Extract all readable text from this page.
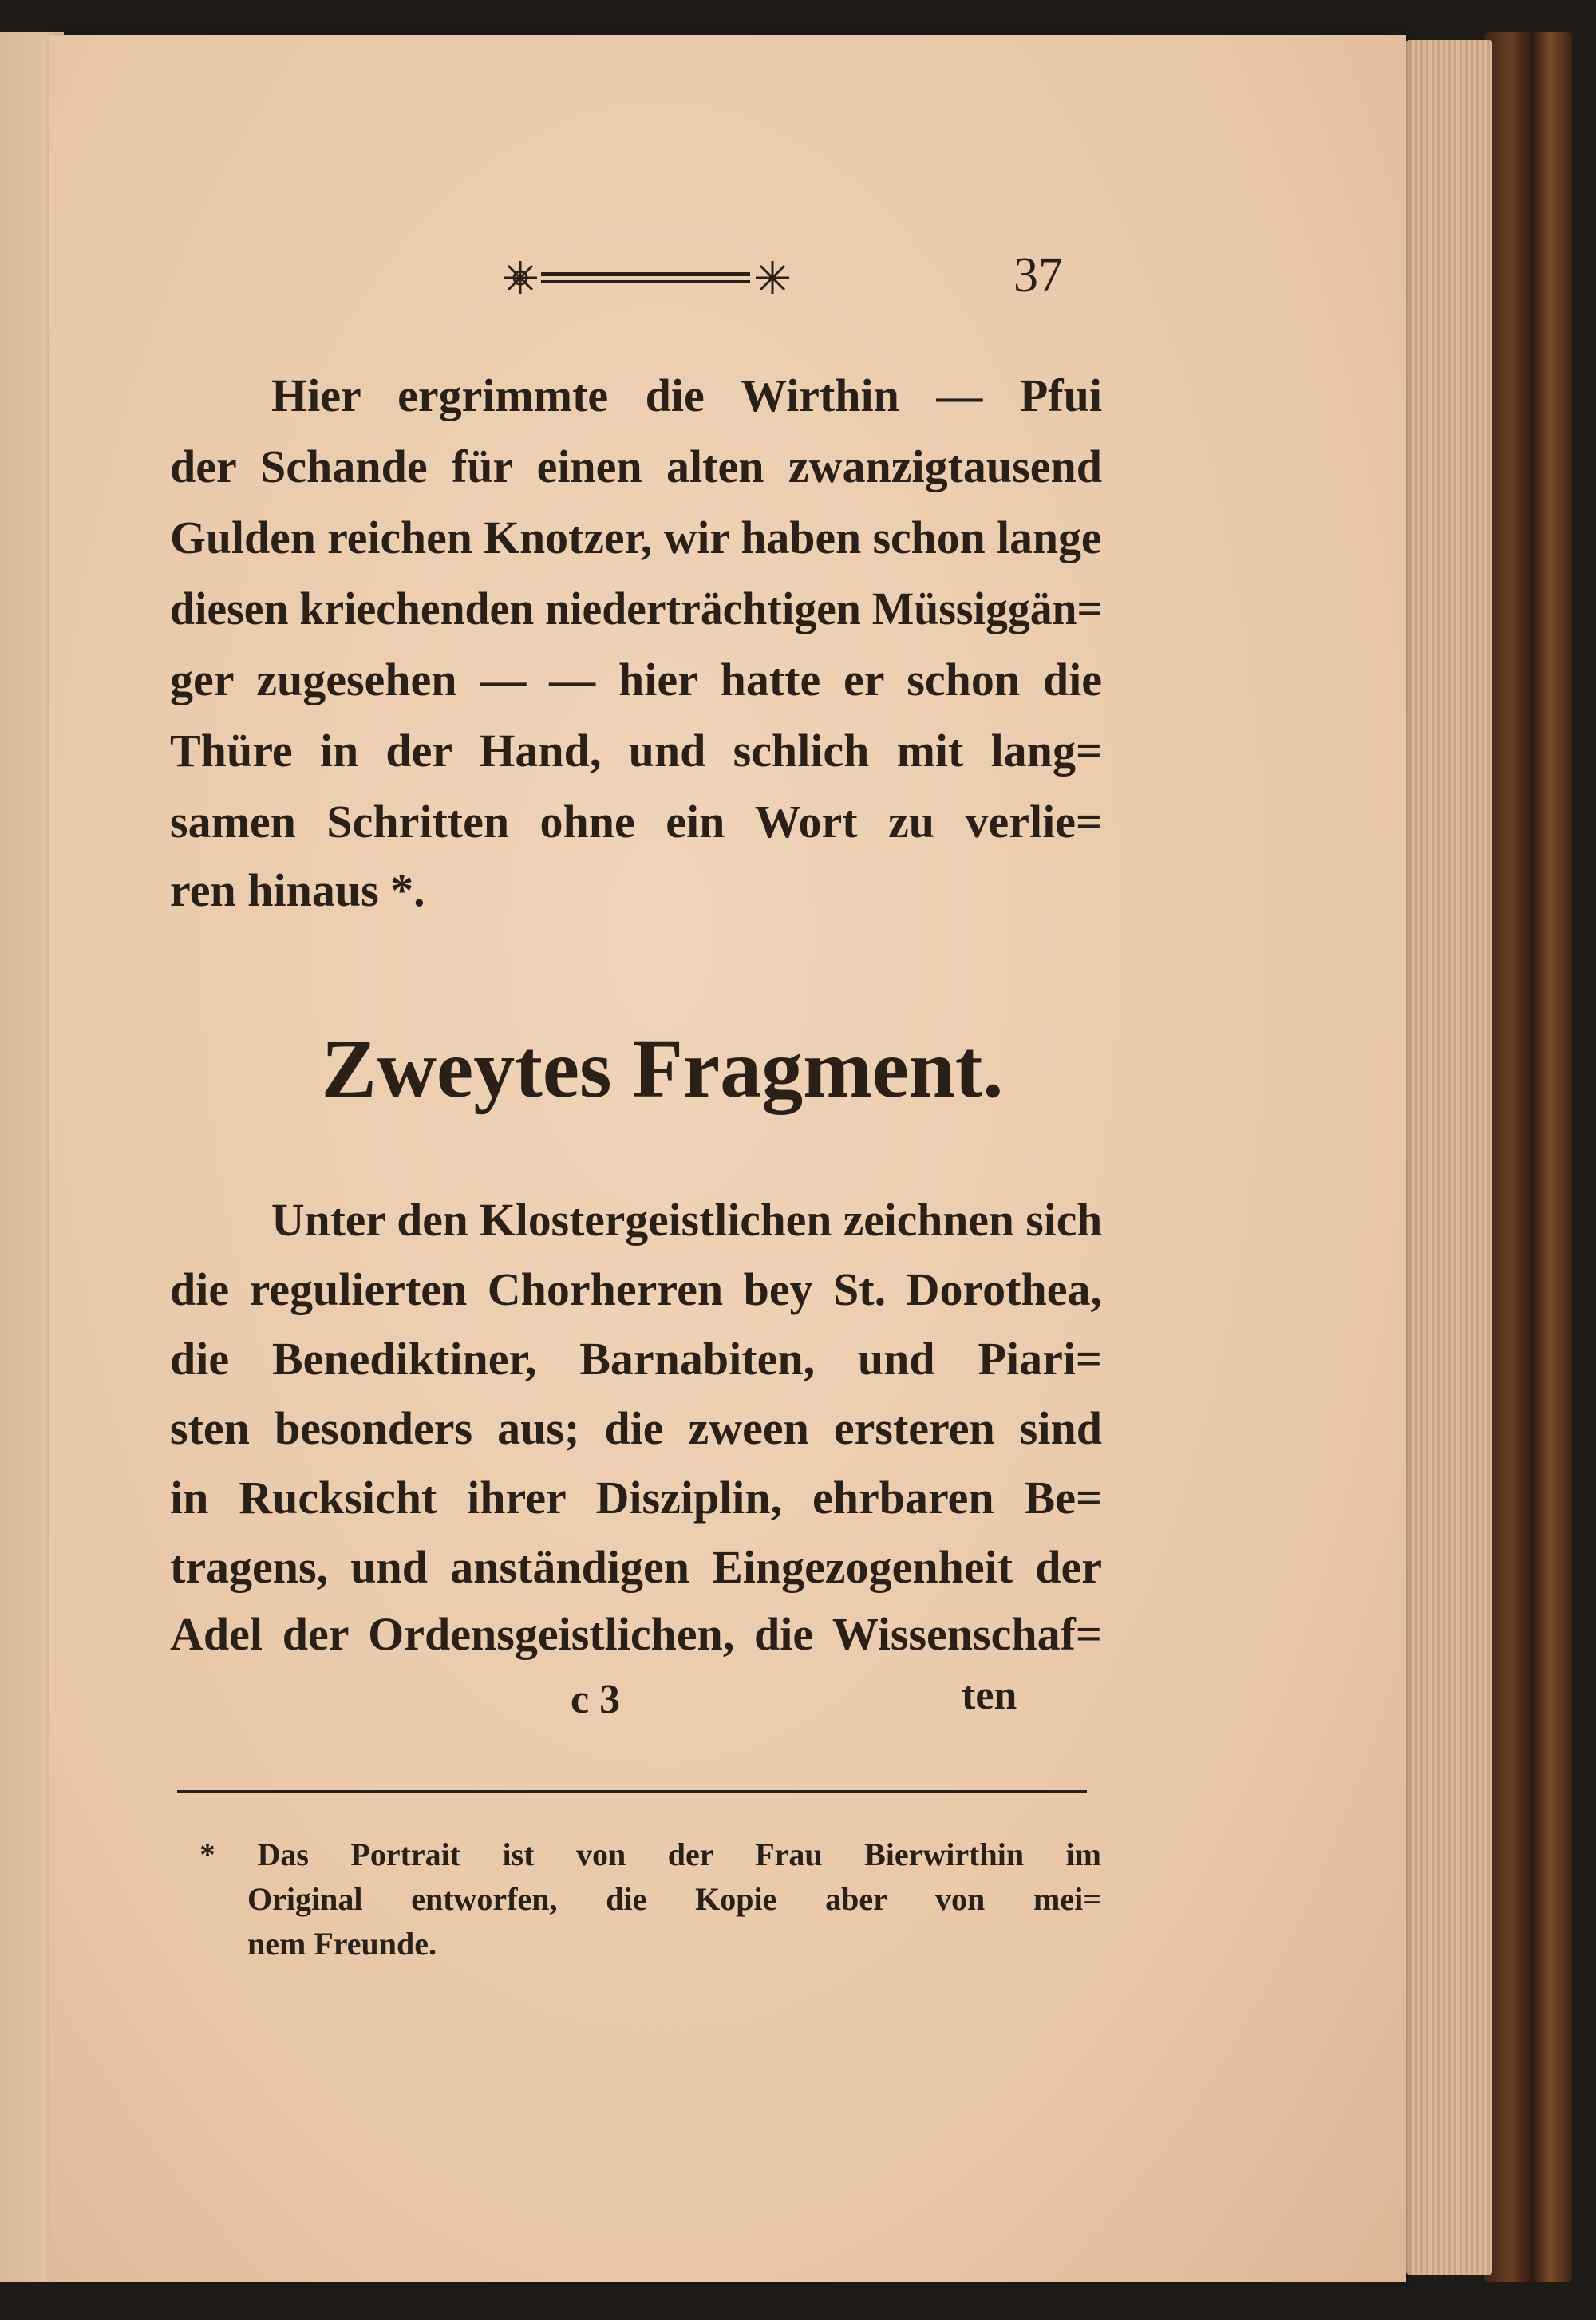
37
Hier ergrimmte die Wirthin — Pfui
der Schande für einen alten zwanzigtausend
Gulden reichen Knotzer, wir haben schon lange
diesen kriechenden niederträchtigen Müssiggän=
ger zugesehen — — hier hatte er schon die
Thüre in der Hand, und schlich mit lang=
samen Schritten ohne ein Wort zu verlie=
ren hinaus *.
Zweytes Fragment.
Unter den Klostergeistlichen zeichnen sich
die regulierten Chorherren bey St. Dorothea,
die Benediktiner, Barnabiten, und Piari=
sten besonders aus; die zween ersteren sind
in Rucksicht ihrer Disziplin, ehrbaren Be=
tragens, und anständigen Eingezogenheit der
Adel der Ordensgeistlichen, die Wissenschaf=
c 3	ten
* Das Portrait ist von der Frau Bierwirthin im
Original entworfen, die Kopie aber von mei=
nem Freunde.
